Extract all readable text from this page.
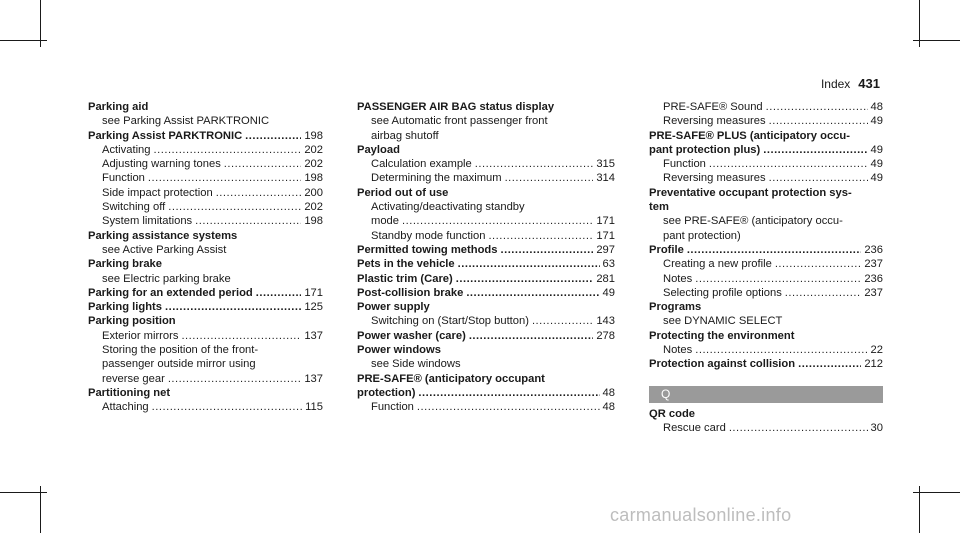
Index 431
Parking aid
see Parking Assist PARKTRONIC
Parking Assist PARKTRONIC .....	198
Activating .....	202
Adjusting warning tones .....	202
Function .....	198
Side impact protection .....	200
Switching off .....	202
System limitations .....	198
Parking assistance systems
see Active Parking Assist
Parking brake
see Electric parking brake
Parking for an extended period .....	171
Parking lights .....	125
Parking position
Exterior mirrors .....	137
Storing the position of the front-
passenger outside mirror using
reverse gear .....	137
Partitioning net
Attaching .....	115
PASSENGER AIR BAG status display
see Automatic front passenger front
airbag shutoff
Payload
Calculation example .....	315
Determining the maximum .....	314
Period out of use
Activating/deactivating standby
mode .....	171
Standby mode function .....	171
Permitted towing methods .....	297
Pets in the vehicle .....	63
Plastic trim (Care) .....	281
Post-collision brake .....	49
Power supply
Switching on (Start/Stop button) .....	143
Power washer (care) .....	278
Power windows
see Side windows
PRE-SAFE® (anticipatory occupant
protection) .....	48
Function .....	48
PRE-SAFE® Sound .....	48
Reversing measures .....	49
PRE-SAFE® PLUS (anticipatory occu-
pant protection plus) .....	49
Function .....	49
Reversing measures .....	49
Preventative occupant protection sys-
tem
see PRE-SAFE® (anticipatory occu-
pant protection)
Profile .....	236
Creating a new profile .....	237
Notes .....	236
Selecting profile options .....	237
Programs
see DYNAMIC SELECT
Protecting the environment
Notes .....	22
Protection against collision .....	212
Q
QR code
Rescue card .....	30
carmanualsonline.info
